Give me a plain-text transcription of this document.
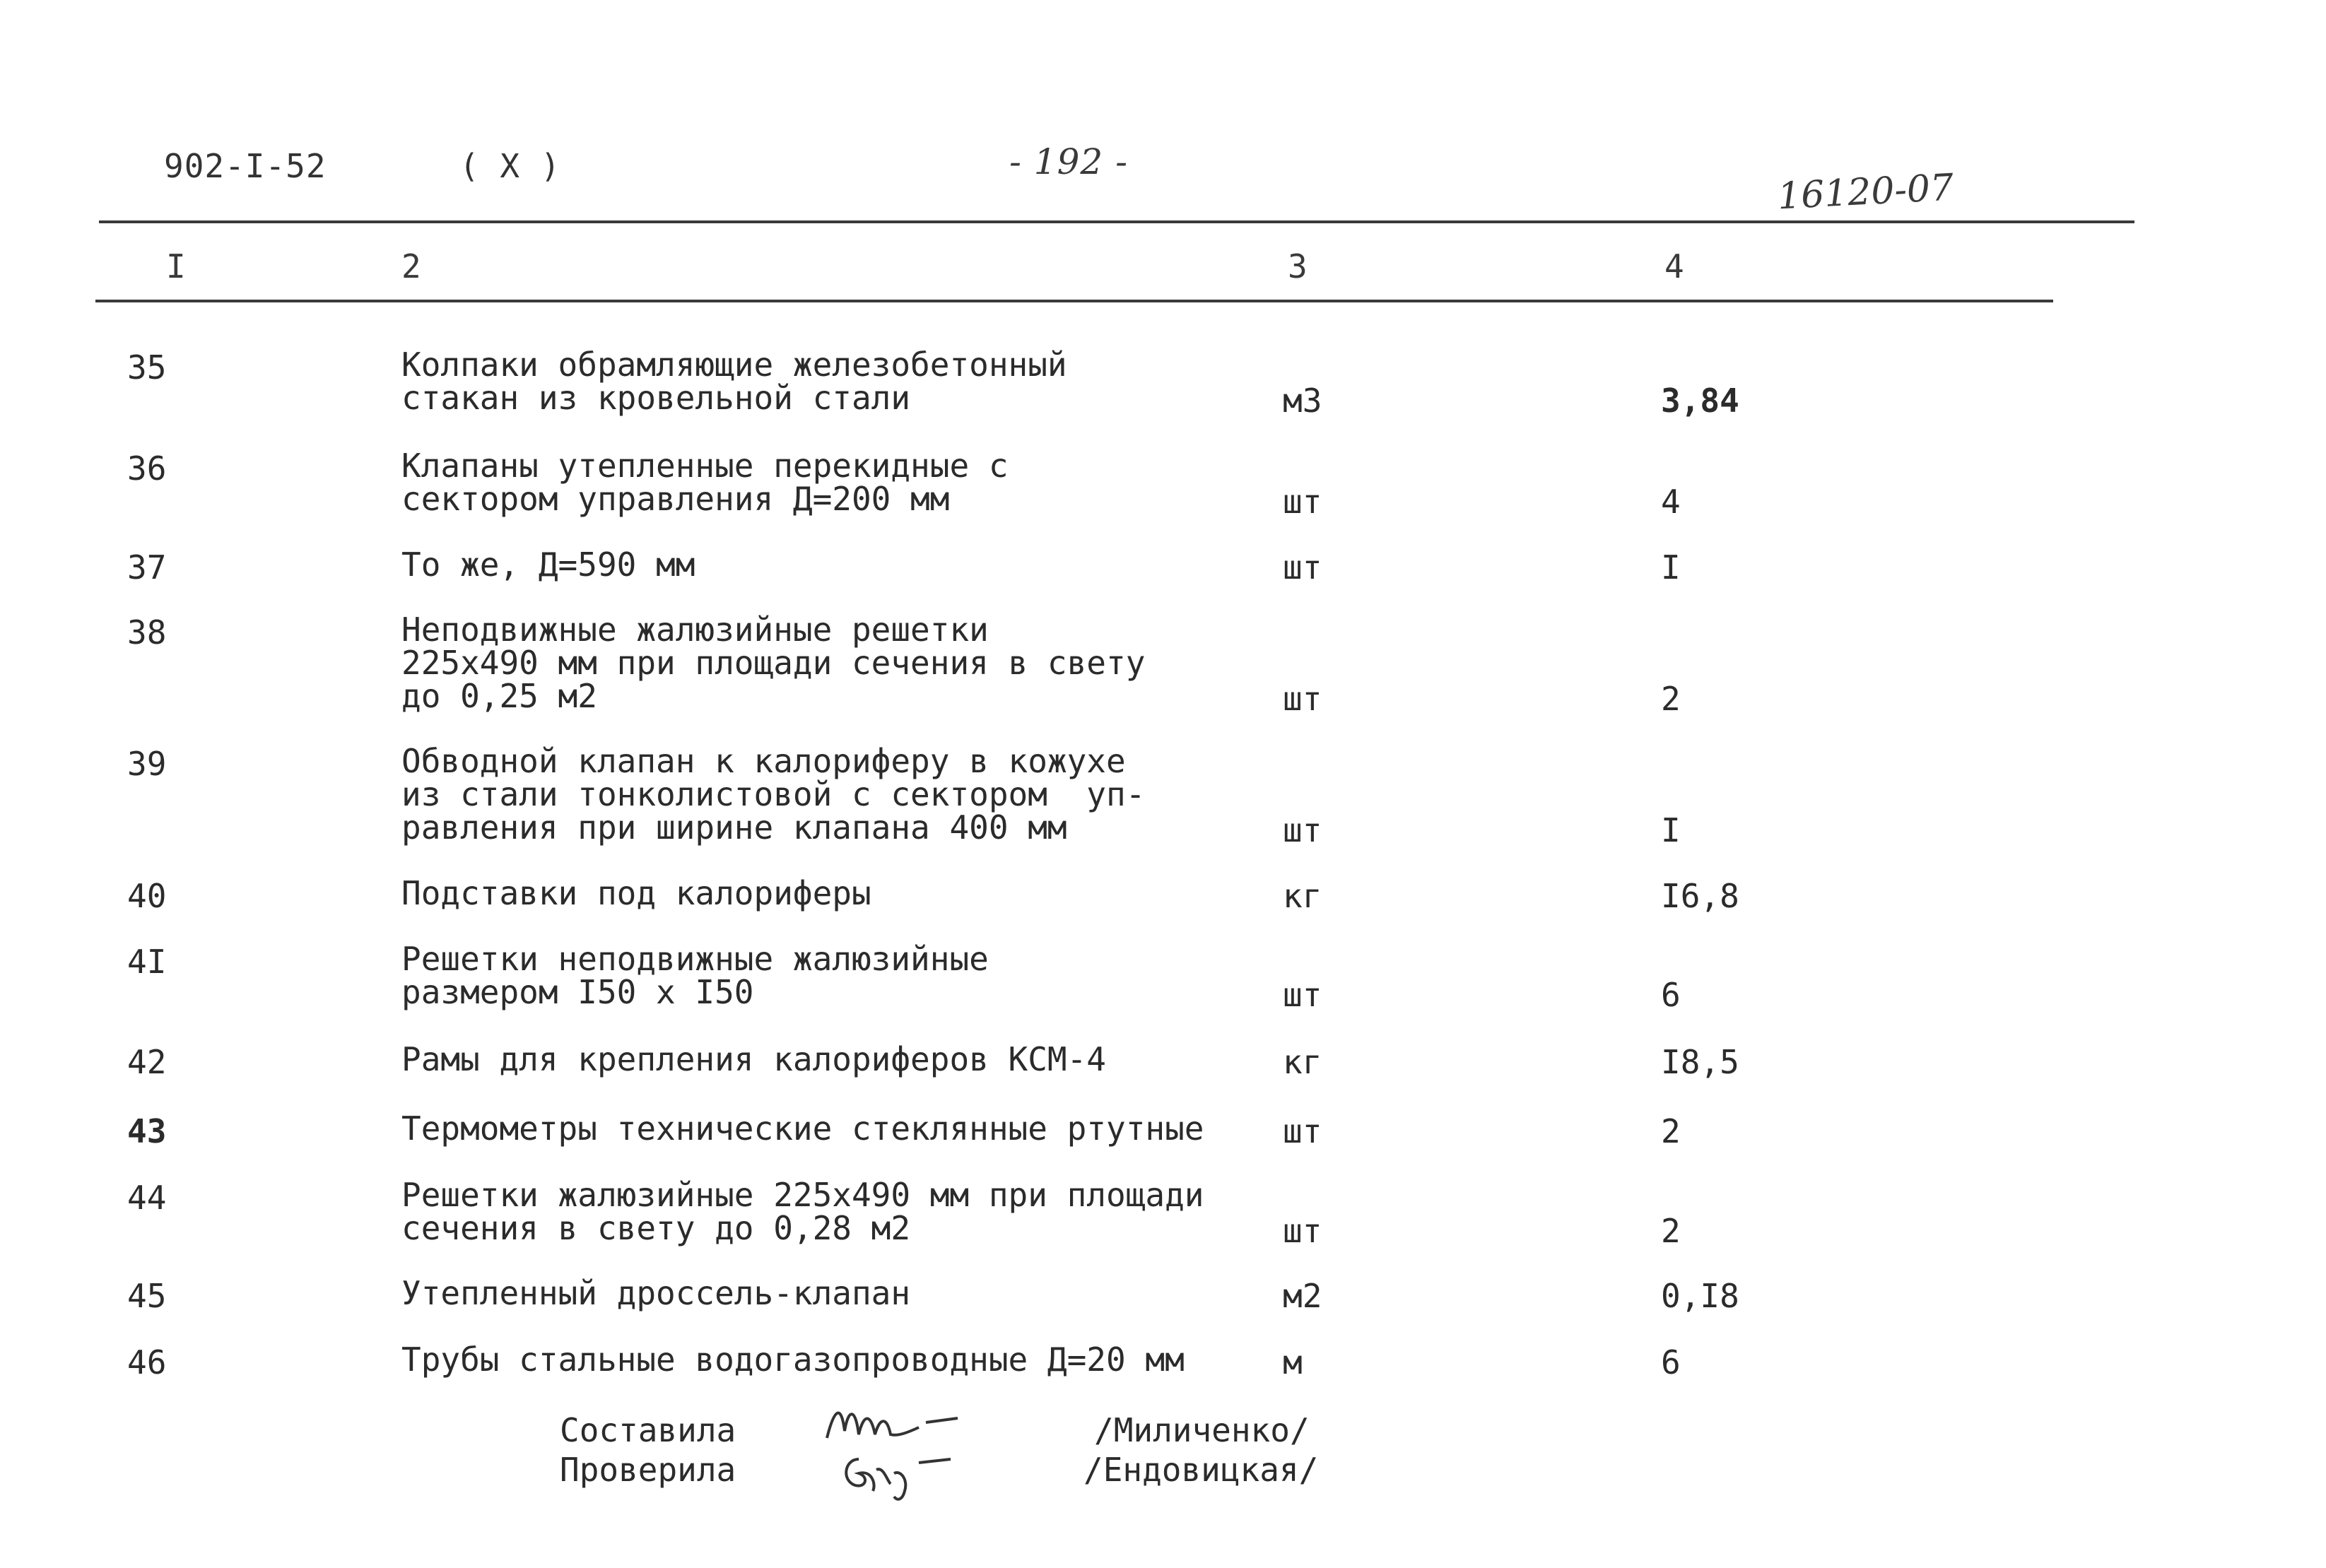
902-I-52	( X )	- 192 -
16120-07
I	2	3	4
35	Колпаки обрамляющие железобетонный
стакан из кровельной стали	м3	3,84
36	Клапаны утепленные перекидные с
сектором управления Д=200 мм	шт	4
37	То же, Д=590 мм	шт	I
38	Неподвижные жалюзийные решетки
225х490 мм при площади сечения в свету
до 0,25 м2	шт	2
39	Обводной клапан к калориферу в кожухе
из стали тонколистовой с сектором  уп-
равления при ширине клапана 400 мм	шт	I
40	Подставки под калориферы	кг	I6,8
4I	Решетки неподвижные жалюзийные
размером I50 х I50	шт	6
42	Рамы для крепления калориферов КСМ-4	кг	I8,5
43	Термометры технические стеклянные ртутные шт	2
44	Решетки жалюзийные 225х490 мм при площади
сечения в свету до 0,28 м2	шт	2
45	Утепленный дроссель-клапан	м2	0,I8
46	Трубы стальные водогазопроводные Д=20 мм	м	6
Составила
Проверила
/Миличенко/
/Ендовицкая/
